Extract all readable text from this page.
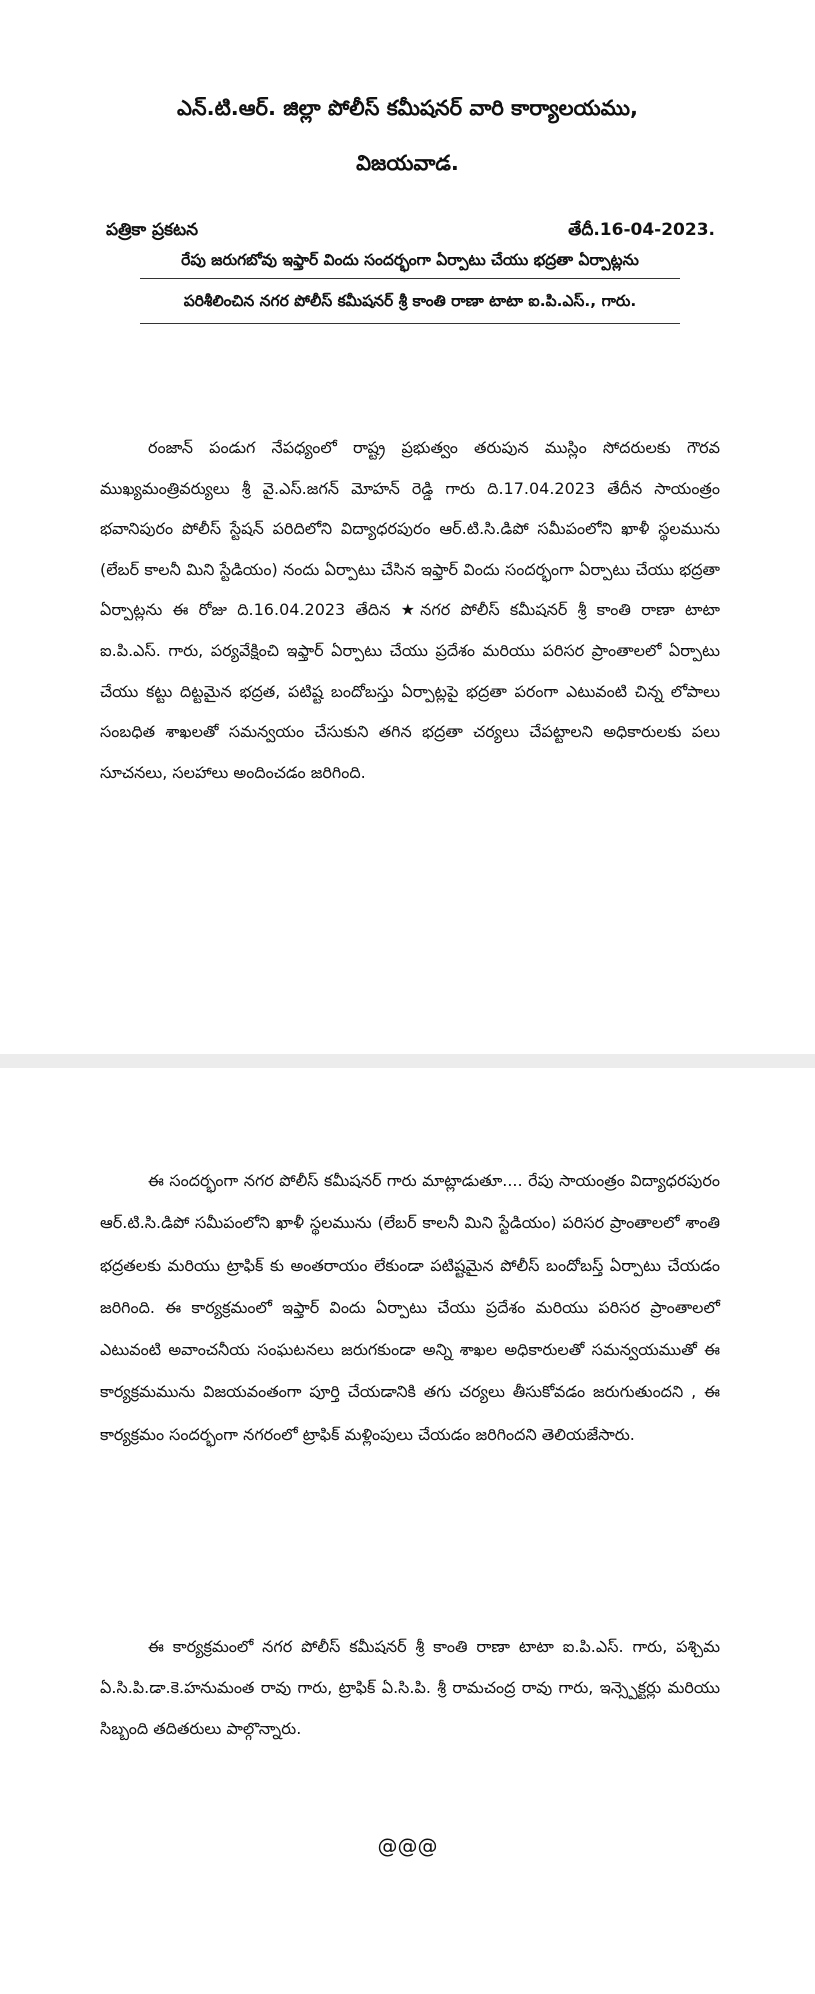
ఎన్.టి.ఆర్. జిల్లా పోలీస్ కమీషనర్ వారి కార్యాలయము,
విజయవాడ.
పత్రికా ప్రకటన	తేదీ.16-04-2023.
రేపు జరుగబోవు ఇఫ్తార్ విందు సందర్భంగా ఏర్పాటు చేయు భద్రతా ఏర్పాట్లను
పరిశీలించిన నగర పోలీస్ కమీషనర్ శ్రీ కాంతి రాణా టాటా ఐ.పి.ఎస్., గారు.

రంజాన్ పండుగ నేపధ్యంలో రాష్ట్ర ప్రభుత్వం తరుపున ముస్లిం సోదరులకు గౌరవ ముఖ్యమంత్రివర్యులు శ్రీ వై.ఎస్.జగన్ మోహన్ రెడ్డి గారు ది.17.04.2023 తేదీన సాయంత్రం భవానిపురం పోలీస్ స్టేషన్ పరిదిలోని విద్యాధరపురం ఆర్.టి.సి.డిపో సమీపంలోని ఖాళీ స్థలమును (లేబర్ కాలనీ మిని స్టేడియం) నందు ఏర్పాటు చేసిన ఇఫ్తార్ విందు సందర్భంగా ఏర్పాటు చేయు భద్రతా ఏర్పాట్లను ఈ రోజు ది.16.04.2023 తేదిన ★నగర పోలీస్ కమీషనర్ శ్రీ కాంతి రాణా టాటా ఐ.పి.ఎస్. గారు, పర్యవేక్షించి ఇఫ్తార్ ఏర్పాటు చేయు ప్రదేశం మరియు పరిసర ప్రాంతాలలో ఏర్పాటు చేయు కట్టు దిట్టమైన భద్రత, పటిష్ట బందోబస్తు ఏర్పాట్లపై భద్రతా పరంగా ఎటువంటి చిన్న లోపాలు సంబధిత శాఖలతో సమన్వయం చేసుకుని తగిన భద్రతా చర్యలు చేపట్టాలని అధికారులకు పలు సూచనలు, సలహాలు అందించడం జరిగింది.

ఈ సందర్భంగా నగర పోలీస్ కమీషనర్ గారు మాట్లాడుతూ.... రేపు సాయంత్రం విద్యాధరపురం ఆర్.టి.సి.డిపో సమీపంలోని ఖాళీ స్థలమును (లేబర్ కాలనీ మిని స్టేడియం) పరిసర ప్రాంతాలలో శాంతి భద్రతలకు మరియు ట్రాఫిక్ కు అంతరాయం లేకుండా పటిష్టమైన పోలీస్ బందోబస్త్ ఏర్పాటు చేయడం జరిగింది. ఈ కార్యక్రమంలో ఇఫ్తార్ విందు ఏర్పాటు చేయు ప్రదేశం మరియు పరిసర ప్రాంతాలలో ఎటువంటి అవాంచనీయ సంఘటనలు జరుగకుండా అన్ని శాఖల అధికారులతో సమన్వయముతో ఈ కార్యక్రమమును విజయవంతంగా పూర్తి చేయడానికి తగు చర్యలు తీసుకోవడం జరుగుతుందని , ఈ కార్యక్రమం సందర్భంగా నగరంలో ట్రాఫిక్ మళ్లింపులు చేయడం జరిగిందని తెలియజేసారు.

ఈ కార్యక్రమంలో నగర పోలీస్ కమీషనర్ శ్రీ కాంతి రాణా టాటా ఐ.పి.ఎస్. గారు, పశ్చిమ ఏ.సి.పి.డా.కె.హనుమంత రావు గారు, ట్రాఫిక్ ఏ.సి.పి. శ్రీ రామచంద్ర రావు గారు, ఇన్స్పెక్టర్లు మరియు సిబ్బంది తదితరులు పాల్గొన్నారు.

@@@
